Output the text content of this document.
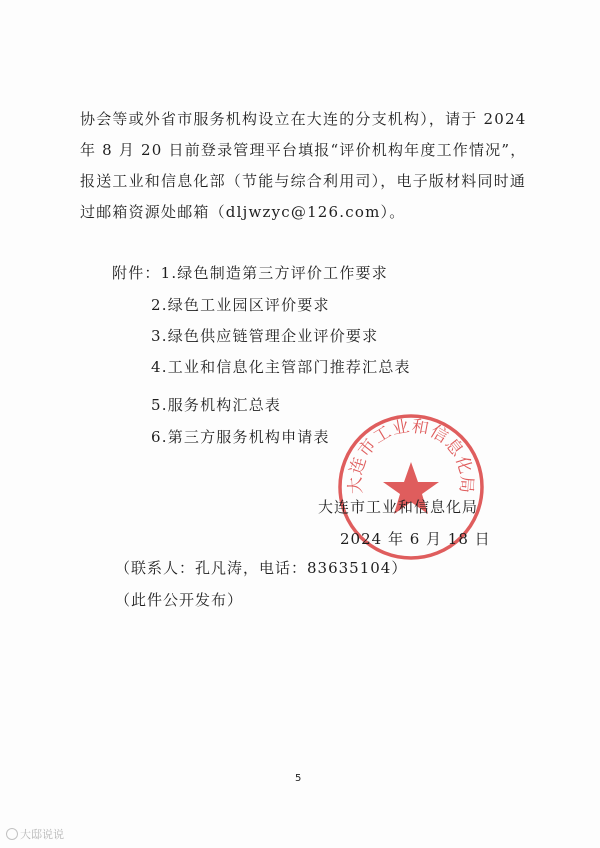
协会等或外省市服务机构设立在大连的分支机构），请于 2024
年 8 月 20 日前登录管理平台填报“评价机构年度工作情况”，
报送工业和信息化部（节能与综合利用司），电子版材料同时通
过邮箱资源处邮箱（dljwzyc@126.com）。
附件：1.绿色制造第三方评价工作要求
2.绿色工业园区评价要求
3.绿色供应链管理企业评价要求
4.工业和信息化主管部门推荐汇总表
5.服务机构汇总表
6.第三方服务机构申请表
大连市工业和信息化局
大连市工业和信息化局
2024 年 6 月 18 日
（联系人：孔凡涛，电话：83635104）
（此件公开发布）
5
大邸说说
